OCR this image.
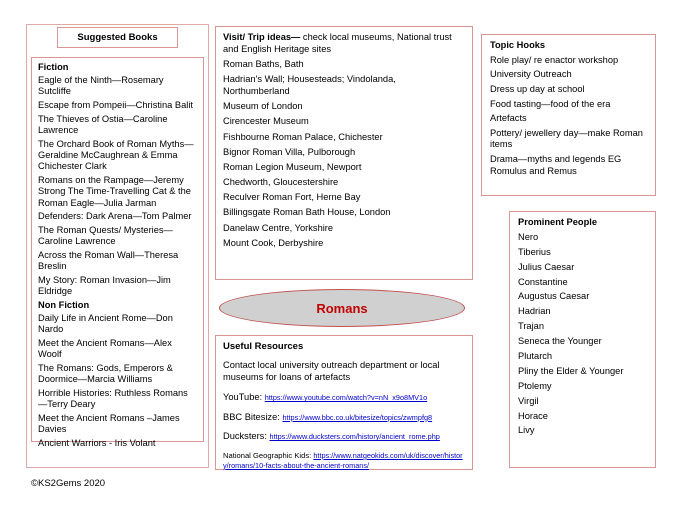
Suggested Books
Fiction
Eagle of the Ninth—Rosemary Sutcliffe
Escape from Pompeii—Christina Balit
The Thieves of Ostia—Caroline Lawrence
The Orchard Book of Roman Myths—Geraldine McCaughrean & Emma Chichester Clark
Romans on the Rampage—Jeremy Strong The Time-Travelling Cat & the Roman Eagle—Julia Jarman
Defenders: Dark Arena—Tom Palmer
The Roman Quests/ Mysteries—Caroline Lawrence
Across the Roman Wall—Theresa Breslin
My Story: Roman Invasion—Jim Eldridge
Non Fiction
Daily Life in Ancient Rome—Don Nardo
Meet the Ancient Romans—Alex Woolf
The Romans: Gods, Emperors & Doormice—Marcia Williams
Horrible Histories: Ruthless Romans—Terry Deary
Meet the Ancient Romans –James Davies
Ancient Warriors - Iris Volant
©KS2Gems 2020
Visit/ Trip ideas— check local museums, National trust and English Heritage sites
Roman Baths, Bath
Hadrian's Wall; Housesteads; Vindolanda, Northumberland
Museum of London
Cirencester Museum
Fishbourne Roman Palace, Chichester
Bignor Roman Villa, Pulborough
Roman Legion Museum, Newport
Chedworth, Gloucestershire
Reculver Roman Fort, Herne Bay
Billingsgate Roman Bath House, London
Danelaw Centre, Yorkshire
Mount Cook, Derbyshire
Romans
Useful Resources
Contact local university outreach department or local museums for loans of artefacts
YouTube: https://www.youtube.com/watch?v=nN_x9o8MV1o
BBC Bitesize: https://www.bbc.co.uk/bitesize/topics/zwmpfg8
Ducksters: https://www.ducksters.com/history/ancient_rome.php
National Geographic Kids: https://www.natgeokids.com/uk/discover/history/romans/10-facts-about-the-ancient-romans/
Topic Hooks
Role play/ re enactor workshop
University Outreach
Dress up day at school
Food tasting—food of the era
Artefacts
Pottery/ jewellery day—make Roman items
Drama—myths and legends EG Romulus and Remus
Prominent People
Nero
Tiberius
Julius Caesar
Constantine
Augustus Caesar
Hadrian
Trajan
Seneca the Younger
Plutarch
Pliny the Elder & Younger
Ptolemy
Virgil
Horace
Livy
